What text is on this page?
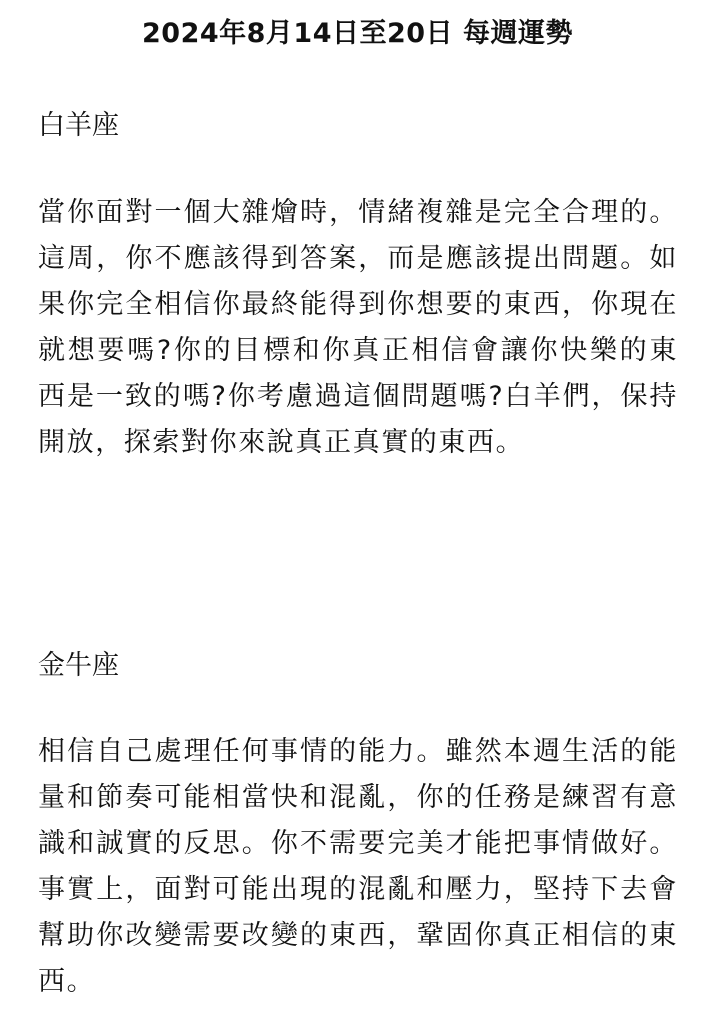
2024年8月14日至20日 每週運勢
白羊座

當你面對一個大雜燴時，情緒複雜是完全合理的。這周，你不應該得到答案，而是應該提出問題。如果你完全相信你最終能得到你想要的東西，你現在就想要嗎?你的目標和你真正相信會讓你快樂的東西是一致的嗎?你考慮過這個問題嗎?白羊們，保持開放，探索對你來說真正真實的東西。

金牛座

相信自己處理任何事情的能力。雖然本週生活的能量和節奏可能相當快和混亂，你的任務是練習有意識和誠實的反思。你不需要完美才能把事情做好。事實上，面對可能出現的混亂和壓力，堅持下去會幫助你改變需要改變的東西，鞏固你真正相信的東西。
